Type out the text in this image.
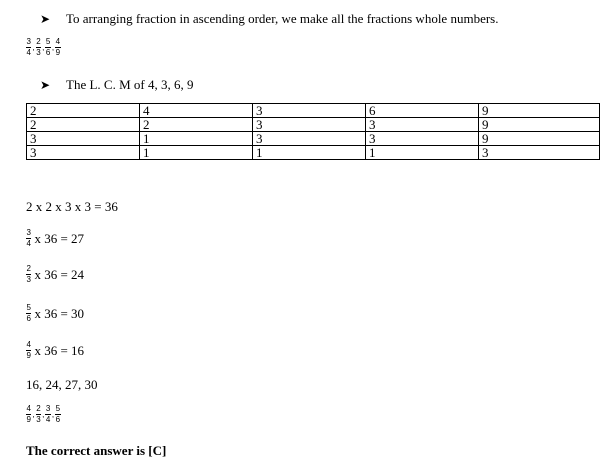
➤	To arranging fraction in ascending order, we make all the fractions whole numbers.
$\frac{3}{4}$ , $\frac{2}{3}$ , $\frac{5}{6}$ , $\frac{4}{9}$
➤	The L. C. M of 4, 3, 6, 9
2	4	3	6	9
2	2	3	3	9
3	1	3	3	9
3	1	1	1	3
2 x 2 x 3 x 3 = 36
$\frac{3}{4}$ x 36 = 27
$\frac{2}{3}$ x 36 = 24
$\frac{5}{6}$ x 36 = 30
$\frac{4}{9}$ x 36 = 16
16, 24, 27, 30
$\frac{4}{9}$ , $\frac{2}{3}$ , $\frac{3}{4}$ , $\frac{5}{6}$
The correct answer is [C]
